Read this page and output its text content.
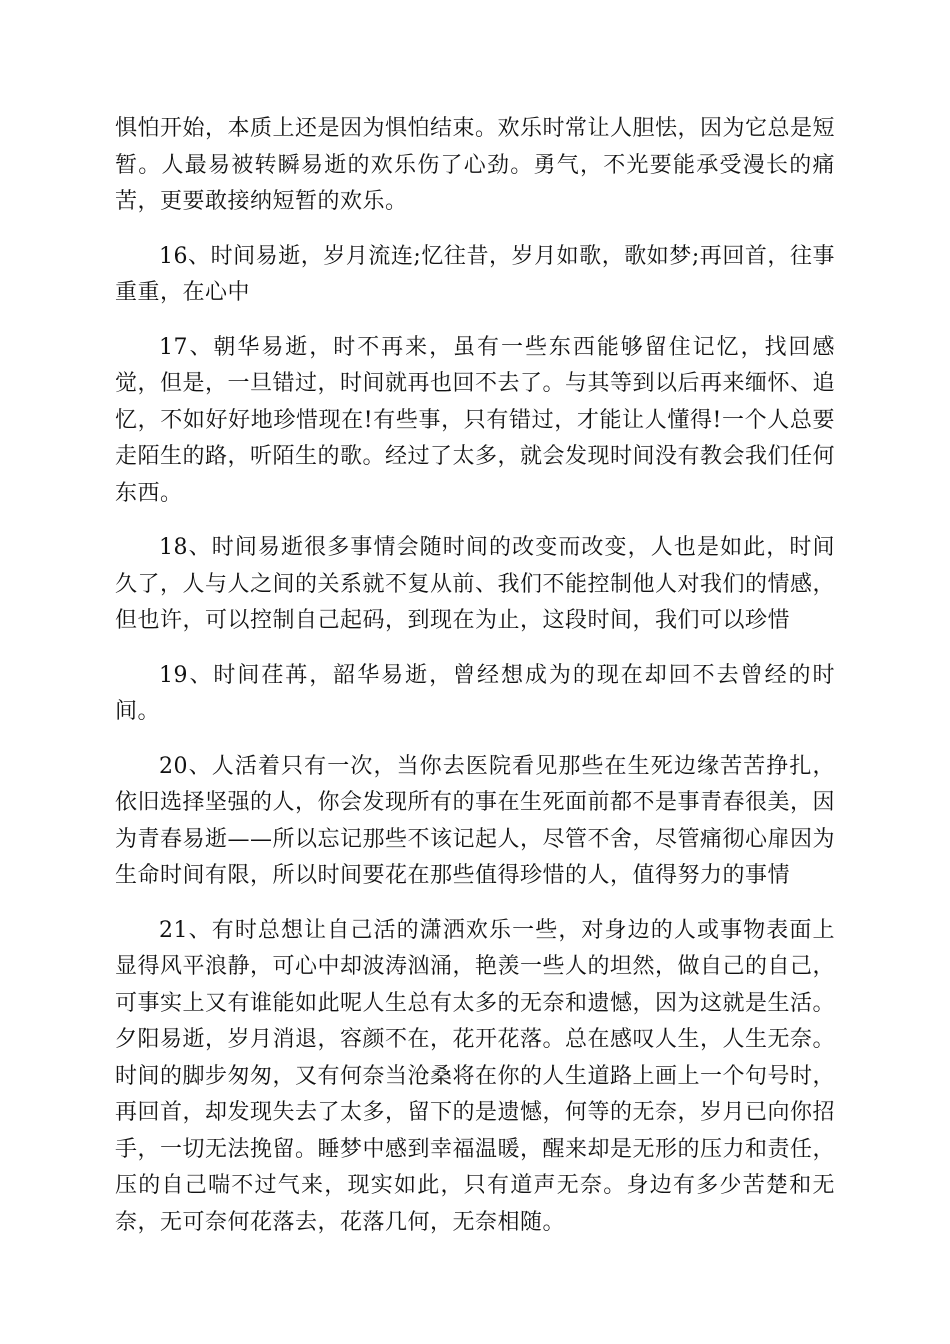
惧怕开始，本质上还是因为惧怕结束。欢乐时常让人胆怯，因为它总是短暂。人最易被转瞬易逝的欢乐伤了心劲。勇气，不光要能承受漫长的痛苦，更要敢接纳短暂的欢乐。

16、时间易逝，岁月流连;忆往昔，岁月如歌，歌如梦;再回首，往事重重，在心中

17、朝华易逝，时不再来，虽有一些东西能够留住记忆，找回感觉，但是，一旦错过，时间就再也回不去了。与其等到以后再来缅怀、追忆，不如好好地珍惜现在!有些事，只有错过，才能让人懂得!一个人总要走陌生的路，听陌生的歌。经过了太多，就会发现时间没有教会我们任何东西。

18、时间易逝很多事情会随时间的改变而改变，人也是如此，时间久了，人与人之间的关系就不复从前、我们不能控制他人对我们的情感，但也许，可以控制自己起码，到现在为止，这段时间，我们可以珍惜

19、时间荏苒，韶华易逝，曾经想成为的现在却回不去曾经的时间。

20、人活着只有一次，当你去医院看见那些在生死边缘苦苦挣扎，依旧选择坚强的人，你会发现所有的事在生死面前都不是事青春很美，因为青春易逝——所以忘记那些不该记起人，尽管不舍，尽管痛彻心扉因为生命时间有限，所以时间要花在那些值得珍惜的人，值得努力的事情

21、有时总想让自己活的潇洒欢乐一些，对身边的人或事物表面上显得风平浪静，可心中却波涛汹涌，艳羡一些人的坦然，做自己的自己，可事实上又有谁能如此呢人生总有太多的无奈和遗憾，因为这就是生活。夕阳易逝，岁月消退，容颜不在，花开花落。总在感叹人生，人生无奈。时间的脚步匆匆，又有何奈当沧桑将在你的人生道路上画上一个句号时，再回首，却发现失去了太多，留下的是遗憾，何等的无奈，岁月已向你招手，一切无法挽留。睡梦中感到幸福温暖，醒来却是无形的压力和责任，压的自己喘不过气来，现实如此，只有道声无奈。身边有多少苦楚和无奈，无可奈何花落去，花落几何，无奈相随。
